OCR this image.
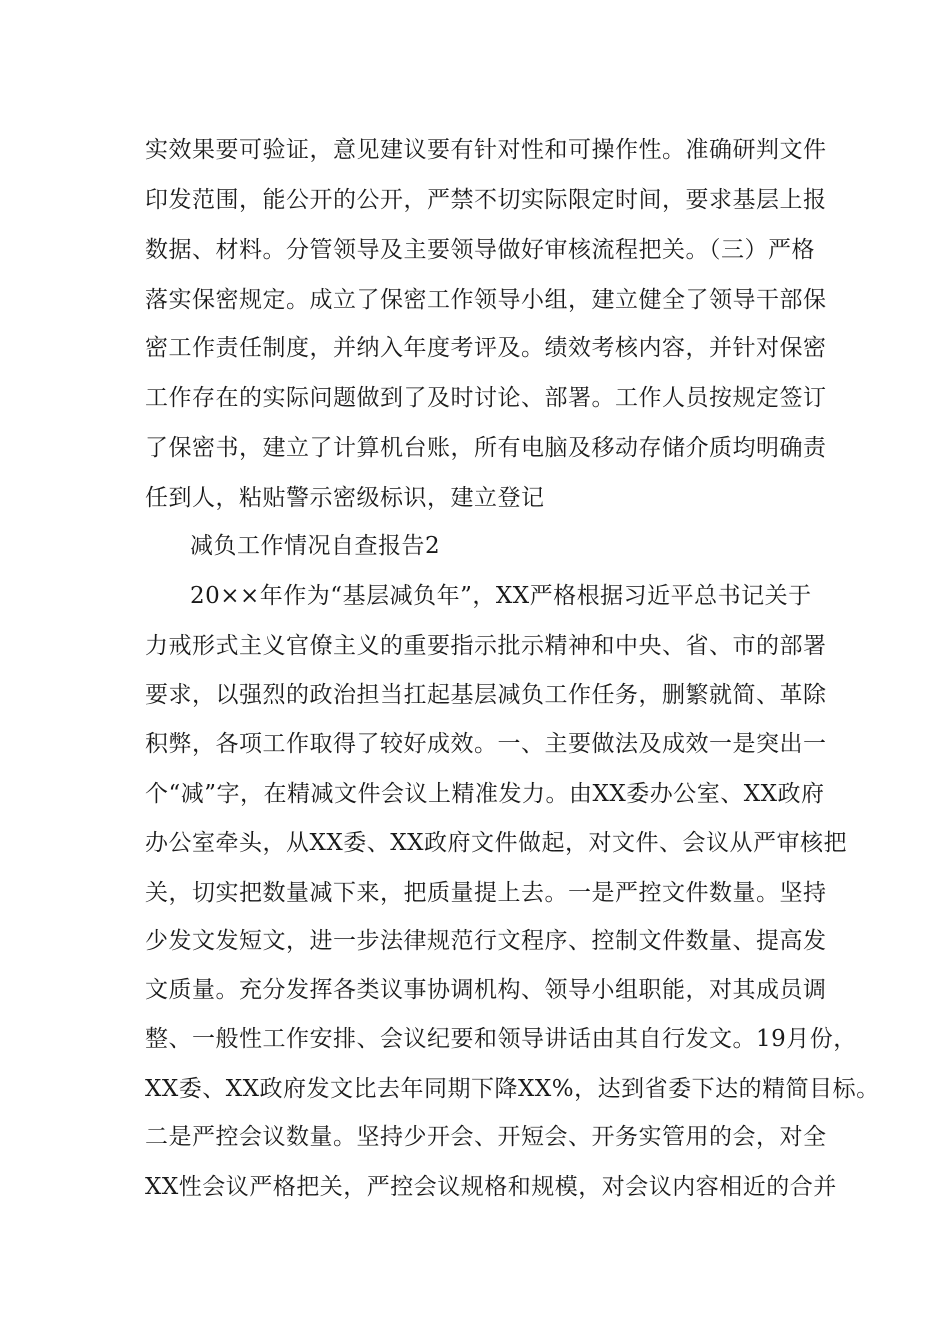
实效果要可验证，意见建议要有针对性和可操作性。准确研判文件
印发范围，能公开的公开，严禁不切实际限定时间，要求基层上报
数据、材料。分管领导及主要领导做好审核流程把关。（三）严格
落实保密规定。成立了保密工作领导小组，建立健全了领导干部保
密工作责任制度，并纳入年度考评及。绩效考核内容，并针对保密
工作存在的实际问题做到了及时讨论、部署。工作人员按规定签订
了保密书，建立了计算机台账，所有电脑及移动存储介质均明确责
任到人，粘贴警示密级标识，建立登记
减负工作情况自查报告2
20××年作为“基层减负年”，XX严格根据习近平总书记关于
力戒形式主义官僚主义的重要指示批示精神和中央、省、市的部署
要求，以强烈的政治担当扛起基层减负工作任务，删繁就简、革除
积弊，各项工作取得了较好成效。一、主要做法及成效一是突出一
个“减”字，在精减文件会议上精准发力。由XX委办公室、XX政府
办公室牵头，从XX委、XX政府文件做起，对文件、会议从严审核把
关，切实把数量减下来，把质量提上去。一是严控文件数量。坚持
少发文发短文，进一步法律规范行文程序、控制文件数量、提高发
文质量。充分发挥各类议事协调机构、领导小组职能，对其成员调
整、一般性工作安排、会议纪要和领导讲话由其自行发文。19月份，
XX委、XX政府发文比去年同期下降XX%，达到省委下达的精简目标。
二是严控会议数量。坚持少开会、开短会、开务实管用的会，对全
XX性会议严格把关，严控会议规格和规模，对会议内容相近的合并
